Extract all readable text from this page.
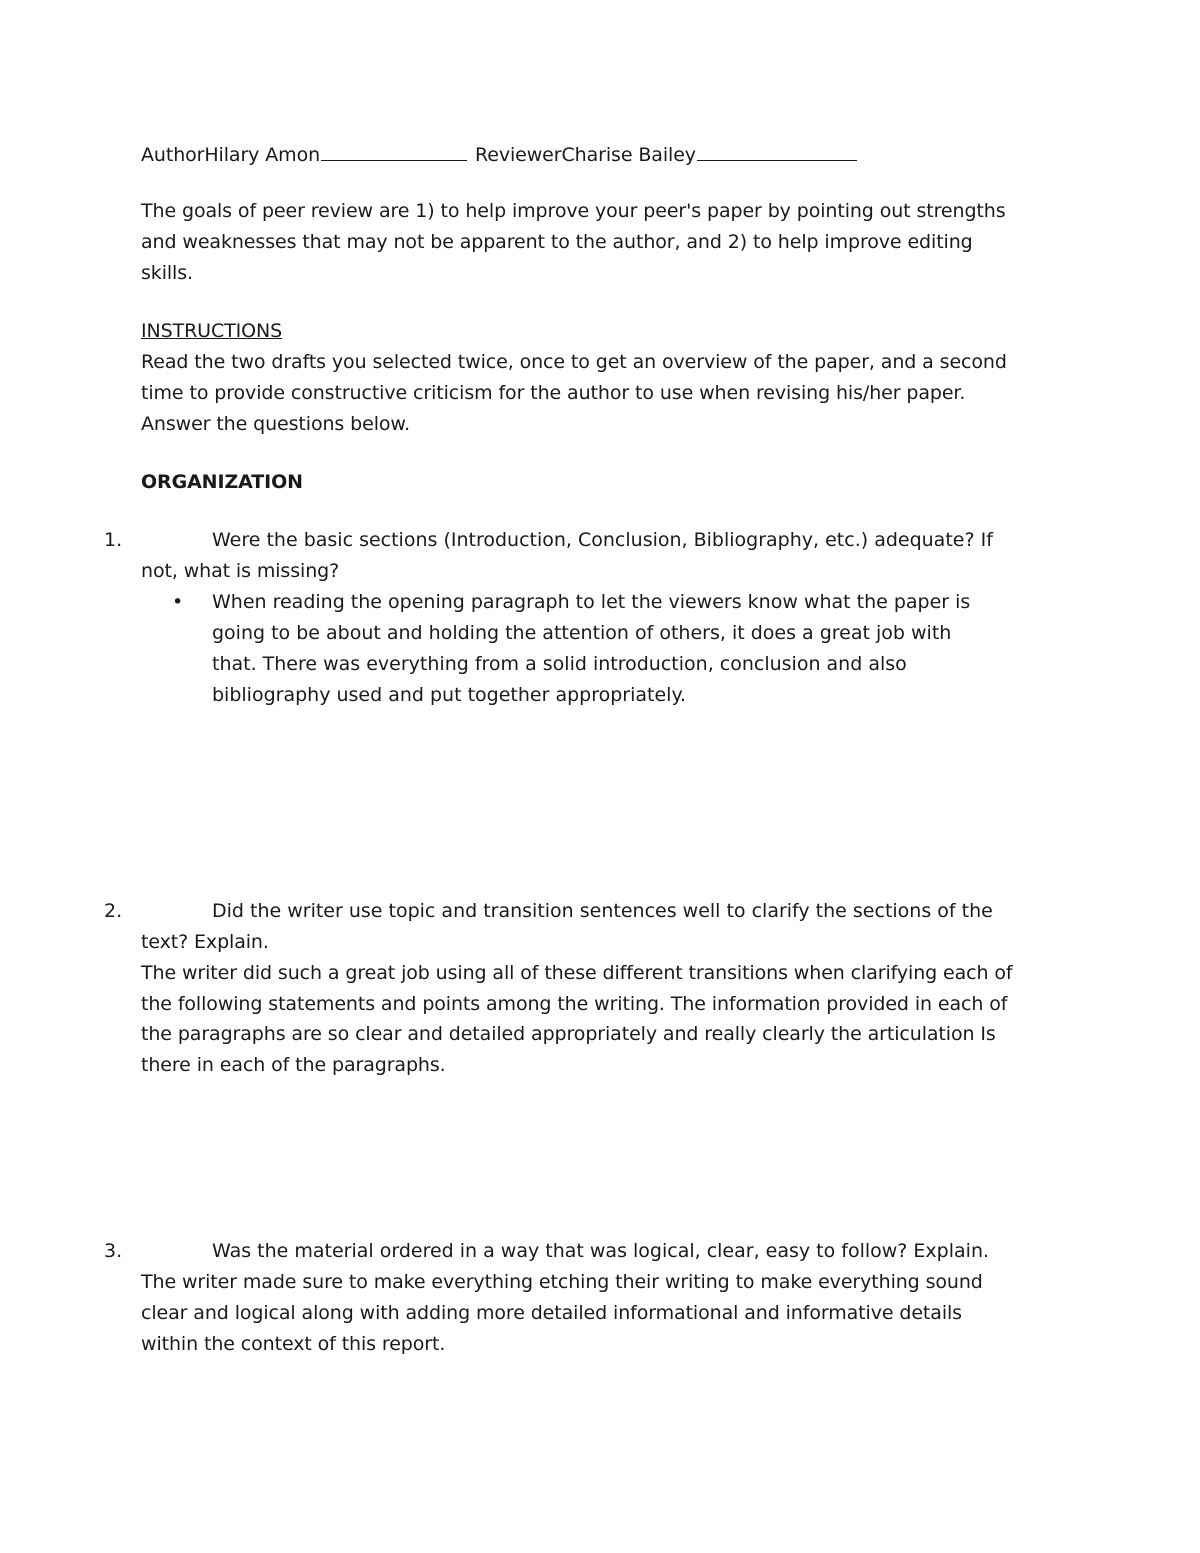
AuthorHilary Amon	ReviewerCharise Bailey
The goals of peer review are 1) to help improve your peer's paper by pointing out strengths
and weaknesses that may not be apparent to the author, and 2) to help improve editing
skills.
INSTRUCTIONS
Read the two drafts you selected twice, once to get an overview of the paper, and a second
time to provide constructive criticism for the author to use when revising his/her paper.
Answer the questions below.
ORGANIZATION
1.	Were the basic sections (Introduction, Conclusion, Bibliography, etc.) adequate? If
not, what is missing?
• When reading the opening paragraph to let the viewers know what the paper is
going to be about and holding the attention of others, it does a great job with
that. There was everything from a solid introduction, conclusion and also
bibliography used and put together appropriately.
2.	Did the writer use topic and transition sentences well to clarify the sections of the
text? Explain.
The writer did such a great job using all of these different transitions when clarifying each of
the following statements and points among the writing. The information provided in each of
the paragraphs are so clear and detailed appropriately and really clearly the articulation Is
there in each of the paragraphs.
3.	Was the material ordered in a way that was logical, clear, easy to follow? Explain.
The writer made sure to make everything etching their writing to make everything sound
clear and logical along with adding more detailed informational and informative details
within the context of this report.
